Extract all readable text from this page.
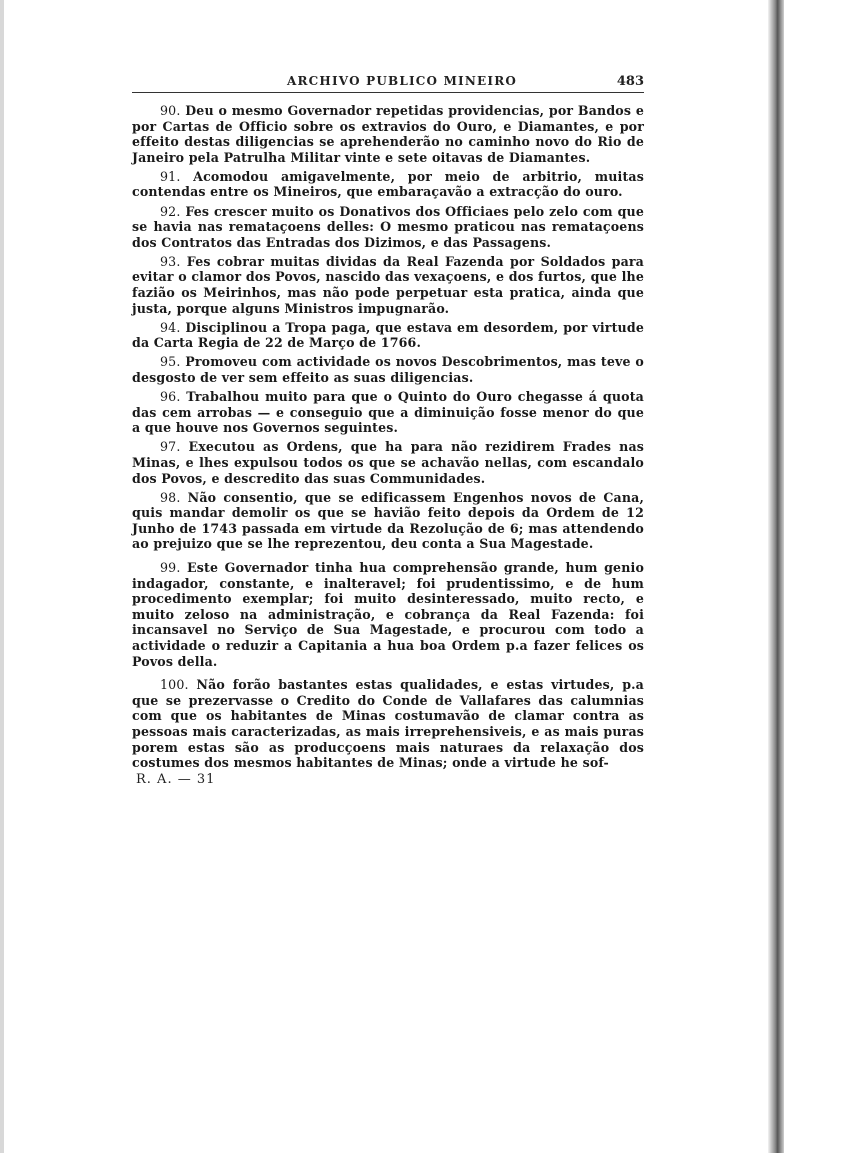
ARCHIVO PUBLICO MINEIRO	483

90. Deu o mesmo Governador repetidas providencias, por Bandos e por Cartas de Officio sobre os extravios do Ouro, e Diamantes, e por effeito destas diligencias se aprehenderão no caminho novo do Rio de Janeiro pela Patrulha Militar vinte e sete oitavas de Diamantes.

91. Acomodou amigavelmente, por meio de arbitrio, muitas contendas entre os Mineiros, que embaraçavão a extracção do ouro.

92. Fes crescer muito os Donativos dos Officiaes pelo zelo com que se havia nas remataçoens delles: O mesmo praticou nas remataçoens dos Contratos das Entradas dos Dizimos, e das Passagens.

93. Fes cobrar muitas dividas da Real Fazenda por Soldados para evitar o clamor dos Povos, nascido das vexaçoens, e dos furtos, que lhe fazião os Meirinhos, mas não pode perpetuar esta pratica, ainda que justa, porque alguns Ministros impugnarão.

94. Disciplinou a Tropa paga, que estava em desordem, por virtude da Carta Regia de 22 de Março de 1766.

95. Promoveu com actividade os novos Descobrimentos, mas teve o desgosto de ver sem effeito as suas diligencias.

96. Trabalhou muito para que o Quinto do Ouro chegasse á quota das cem arrobas — e conseguio que a diminuição fosse menor do que a que houve nos Governos seguintes.

97. Executou as Ordens, que ha para não rezidirem Frades nas Minas, e lhes expulsou todos os que se achavão nellas, com escandalo dos Povos, e descredito das suas Communidades.

98. Não consentio, que se edificassem Engenhos novos de Cana, quis mandar demolir os que se havião feito depois da Ordem de 12 Junho de 1743 passada em virtude da Rezolução de 6; mas attendendo ao prejuizo que se lhe reprezentou, deu conta a Sua Magestade.

99. Este Governador tinha hua comprehensão grande, hum genio indagador, constante, e inalteravel; foi prudentissimo, e de hum procedimento exemplar; foi muito desinteressado, muito recto, e muito zeloso na administração, e cobrança da Real Fazenda: foi incansavel no Serviço de Sua Magestade, e procurou com todo a actividade o reduzir a Capitania a hua boa Ordem p.a fazer felices os Povos della.

100. Não forão bastantes estas qualidades, e estas virtudes, p.a que se prezervasse o Credito do Conde de Vallafares das calumnias com que os habitantes de Minas costumavão de clamar contra as pessoas mais caracterizadas, as mais irreprehensiveis, e as mais puras porem estas são as producçoens mais naturaes da relaxação dos costumes dos mesmos habitantes de Minas; onde a virtude he sof-

R. A. — 31
